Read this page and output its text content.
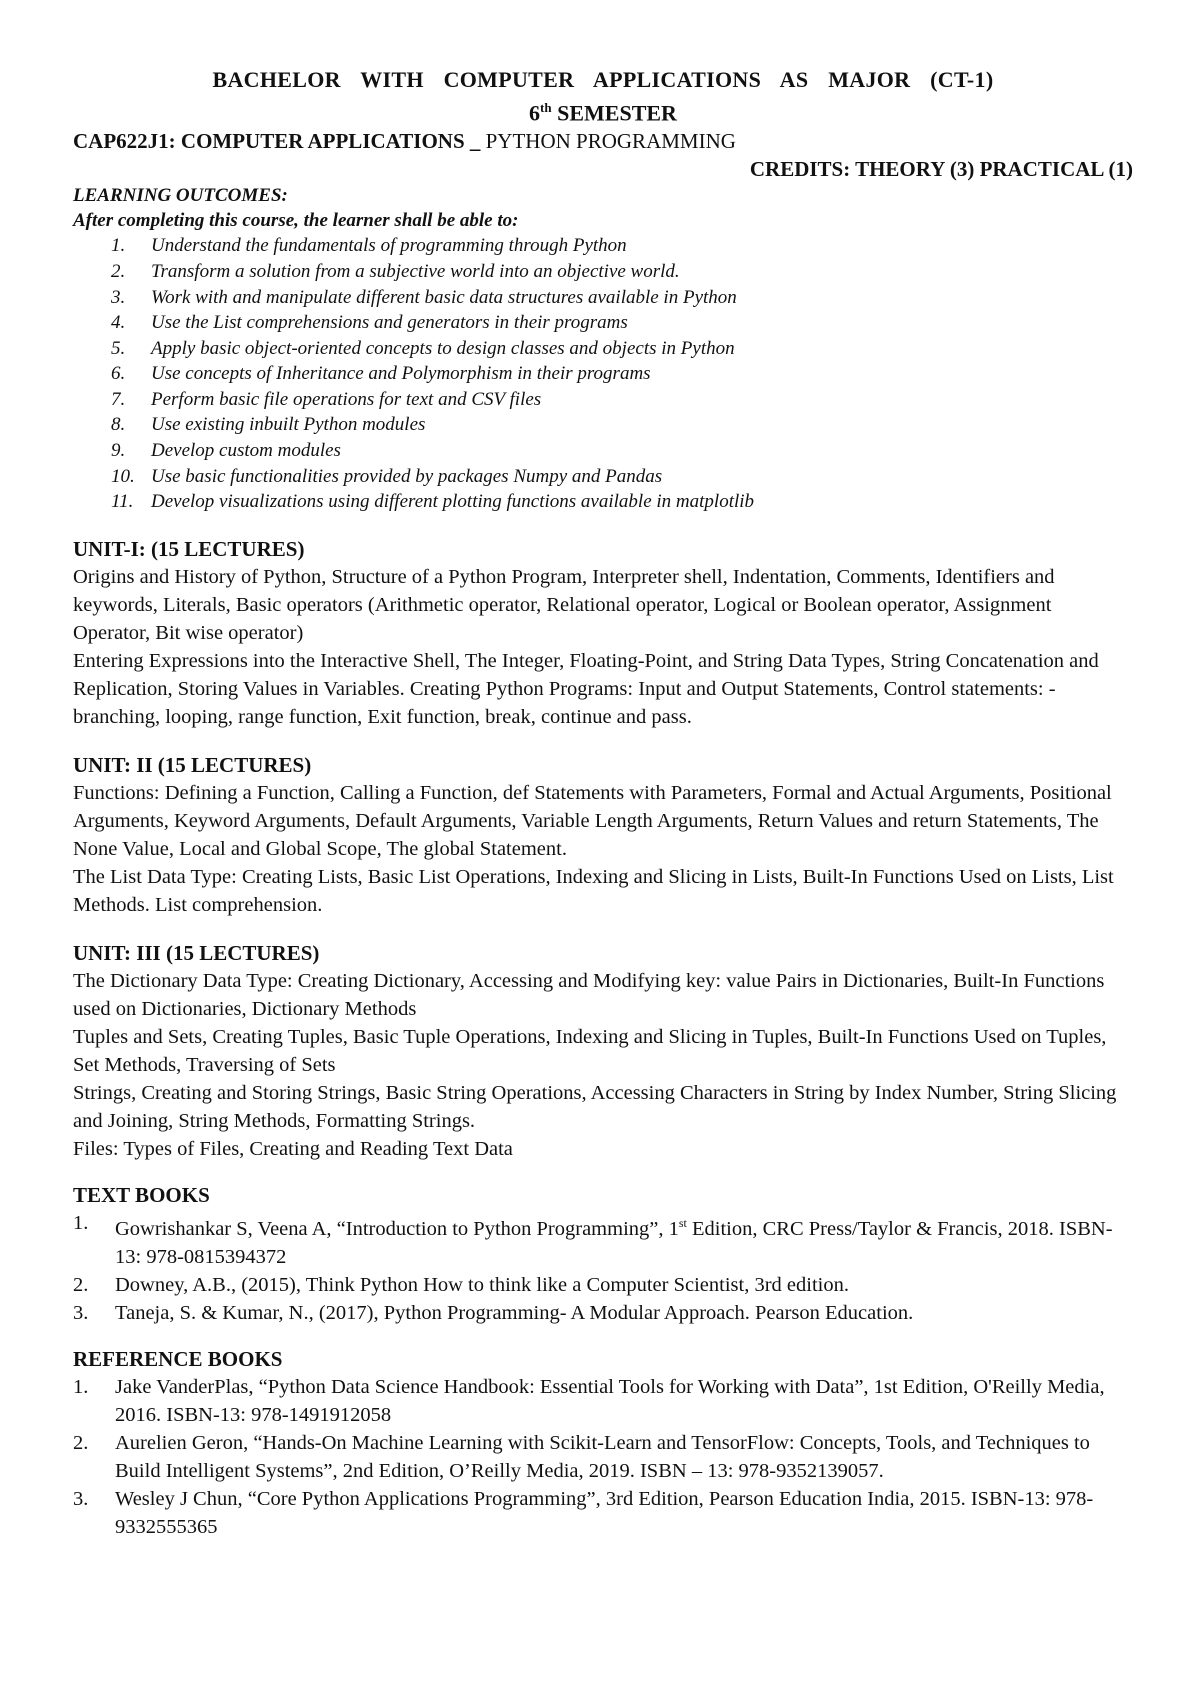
BACHELOR WITH COMPUTER APPLICATIONS AS MAJOR (CT-1)
6th SEMESTER
CAP622J1: COMPUTER APPLICATIONS _ PYTHON PROGRAMMING
CREDITS: THEORY (3) PRACTICAL (1)
LEARNING OUTCOMES:
After completing this course, the learner shall be able to:
1.	Understand the fundamentals of programming through Python
2.	Transform a solution from a subjective world into an objective world.
3.	Work with and manipulate different basic data structures available in Python
4.	Use the List comprehensions and generators in their programs
5.	Apply basic object-oriented concepts to design classes and objects in Python
6.	Use concepts of Inheritance and Polymorphism in their programs
7.	Perform basic file operations for text and CSV files
8.	Use existing inbuilt Python modules
9.	Develop custom modules
10. Use basic functionalities provided by packages Numpy and Pandas
11. Develop visualizations using different plotting functions available in matplotlib
UNIT-I: (15 LECTURES)
Origins and History of Python, Structure of a Python Program, Interpreter shell, Indentation, Comments, Identifiers and keywords, Literals, Basic operators (Arithmetic operator, Relational operator, Logical or Boolean operator, Assignment Operator, Bit wise operator)
Entering Expressions into the Interactive Shell, The Integer, Floating-Point, and String Data Types, String Concatenation and Replication, Storing Values in Variables. Creating Python Programs: Input and Output Statements, Control statements: -branching, looping, range function, Exit function, break, continue and pass.
UNIT: II (15 LECTURES)
Functions: Defining a Function, Calling a Function, def Statements with Parameters, Formal and Actual Arguments, Positional Arguments, Keyword Arguments, Default Arguments, Variable Length Arguments, Return Values and return Statements, The None Value, Local and Global Scope, The global Statement.
The List Data Type: Creating Lists, Basic List Operations, Indexing and Slicing in Lists, Built-In Functions Used on Lists, List Methods. List comprehension.
UNIT: III (15 LECTURES)
The Dictionary Data Type: Creating Dictionary, Accessing and Modifying key: value Pairs in Dictionaries, Built-In Functions used on Dictionaries, Dictionary Methods
Tuples and Sets, Creating Tuples, Basic Tuple Operations, Indexing and Slicing in Tuples, Built-In Functions Used on Tuples, Set Methods, Traversing of Sets
Strings, Creating and Storing Strings, Basic String Operations, Accessing Characters in String by Index Number, String Slicing and Joining, String Methods, Formatting Strings.
Files: Types of Files, Creating and Reading Text Data
TEXT BOOKS
1.	Gowrishankar S, Veena A, “Introduction to Python Programming”, 1st Edition, CRC Press/Taylor & Francis, 2018. ISBN-13: 978-0815394372
2.	Downey, A.B., (2015), Think Python How to think like a Computer Scientist, 3rd edition.
3.	Taneja, S. & Kumar, N., (2017), Python Programming- A Modular Approach. Pearson Education.
REFERENCE BOOKS
1.	Jake VanderPlas, “Python Data Science Handbook: Essential Tools for Working with Data”, 1st Edition, O'Reilly Media, 2016. ISBN-13: 978-1491912058
2.	Aurelien Geron, “Hands-On Machine Learning with Scikit-Learn and TensorFlow: Concepts, Tools, and Techniques to Build Intelligent Systems”, 2nd Edition, O’Reilly Media, 2019. ISBN – 13: 978-9352139057.
3.	Wesley J Chun, “Core Python Applications Programming”, 3rd Edition, Pearson Education India, 2015. ISBN-13: 978-9332555365
